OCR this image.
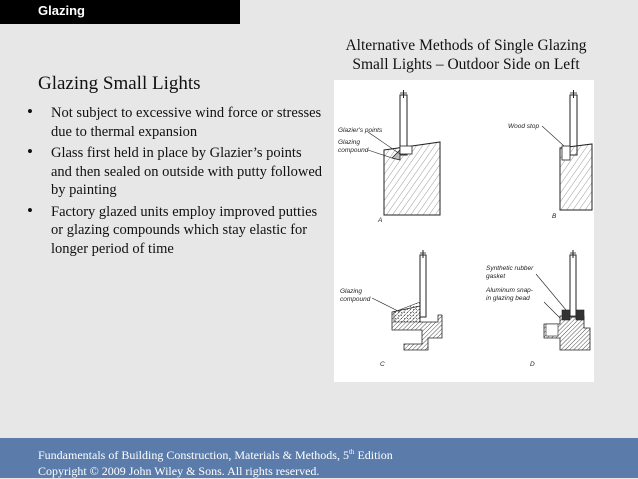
Glazing
Alternative Methods of Single Glazing
Small Lights – Outdoor Side on Left
Glazing Small Lights
• Not subject to excessive wind force or stresses due to thermal expansion
• Glass first held in place by Glazier’s points and then sealed on outside with putty followed by painting
• Factory glazed units employ improved putties or glazing compounds which stay elastic for longer period of time
Glazier's points
Glazing
compound
A
Wood stop
B
Glazing
compound
C
Synthetic rubber
gasket
Aluminum snap-
in glazing bead
D
Fundamentals of Building Construction, Materials & Methods, 5th Edition
Copyright © 2009 John Wiley & Sons. All rights reserved.
